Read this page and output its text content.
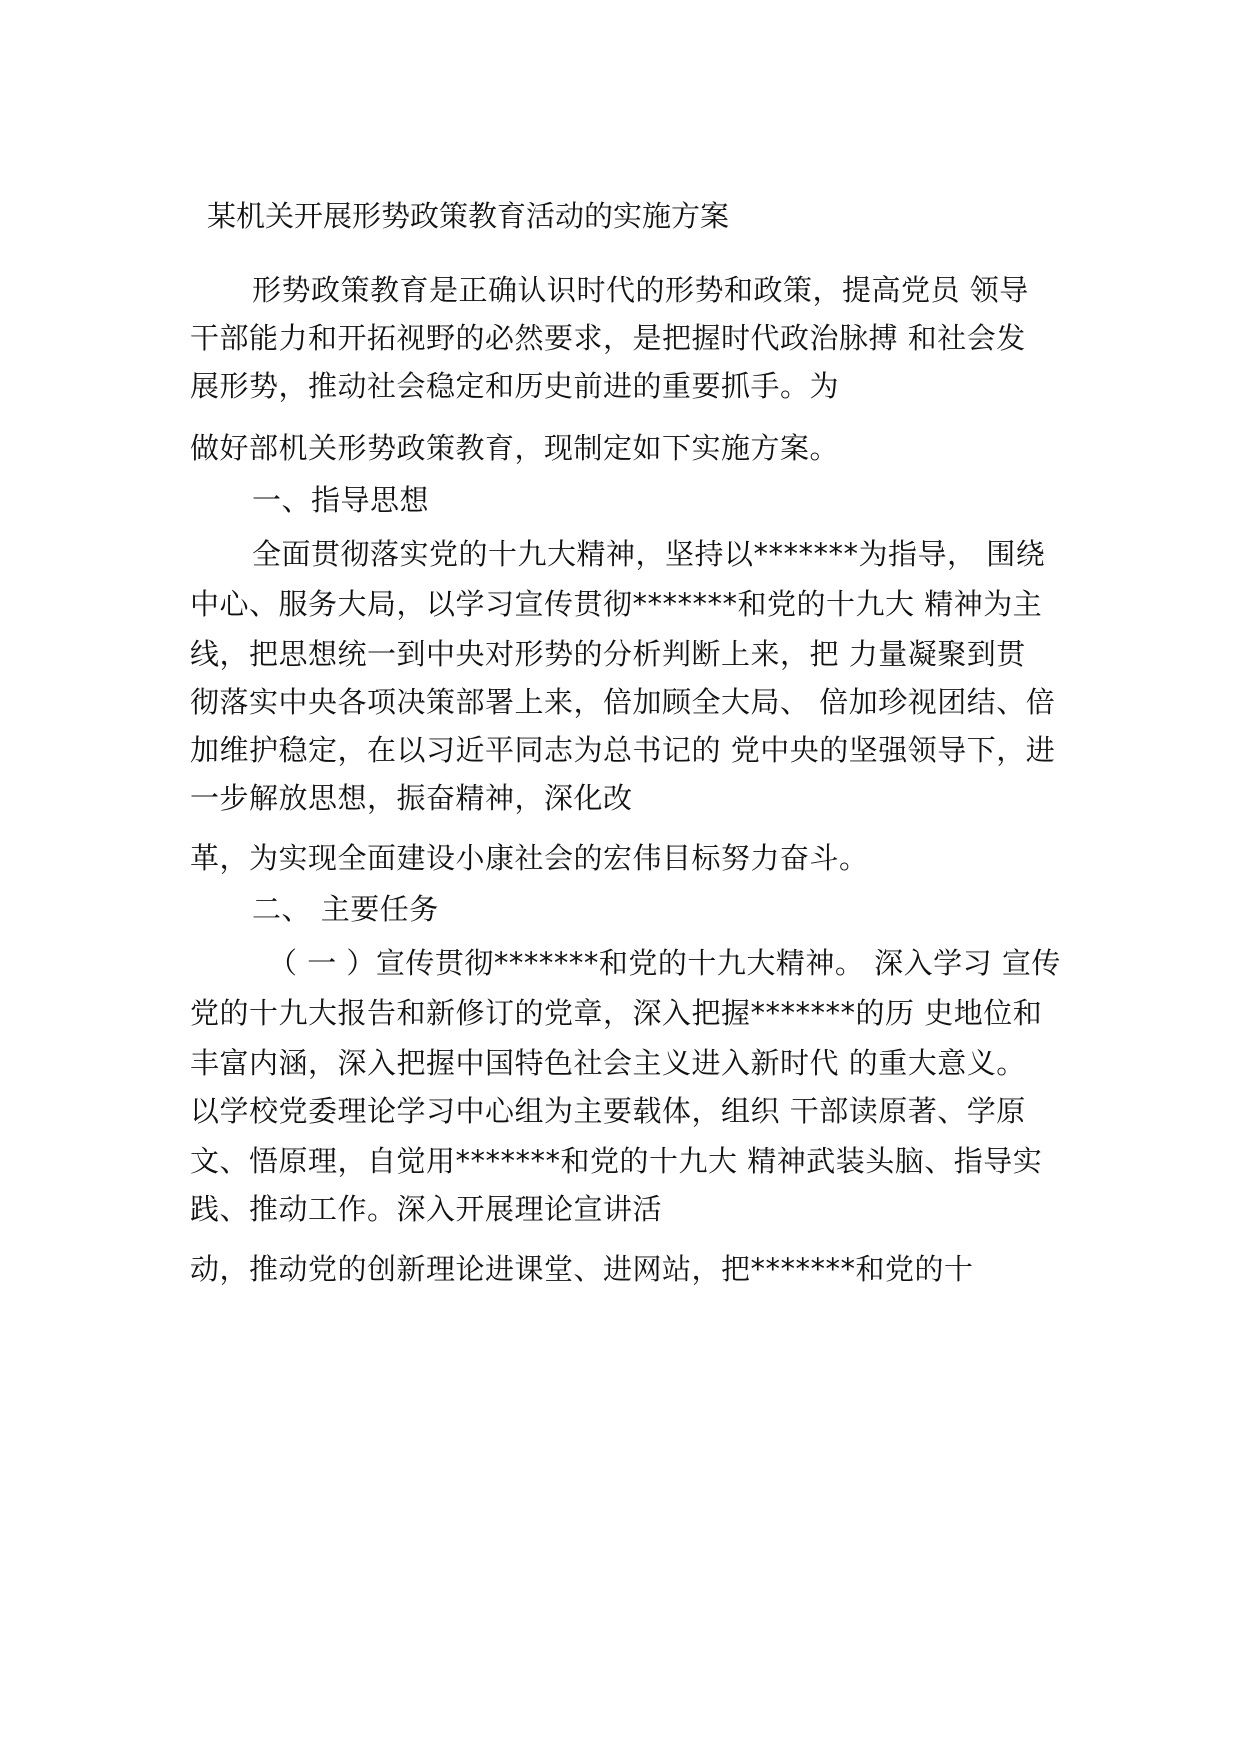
某机关开展形势政策教育活动的实施方案
形势政策教育是正确认识时代的形势和政策，提高党员 领导
干部能力和开拓视野的必然要求，是把握时代政治脉搏 和社会发
展形势，推动社会稳定和历史前进的重要抓手。为
做好部机关形势政策教育，现制定如下实施方案。
一、指导思想
全面贯彻落实党的十九大精神，坚持以*******为指导， 围绕
中心、服务大局，以学习宣传贯彻*******和党的十九大 精神为主
线，把思想统一到中央对形势的分析判断上来，把 力量凝聚到贯
彻落实中央各项决策部署上来，倍加顾全大局、 倍加珍视团结、倍
加维护稳定，在以习近平同志为总书记的 党中央的坚强领导下，进
一步解放思想，振奋精神，深化改
革，为实现全面建设小康社会的宏伟目标努力奋斗。
二、 主要任务
（ 一 ）宣传贯彻*******和党的十九大精神。 深入学习 宣传
党的十九大报告和新修订的党章，深入把握*******的历 史地位和
丰富内涵，深入把握中国特色社会主义进入新时代 的重大意义。
以学校党委理论学习中心组为主要载体，组织 干部读原著、学原
文、悟原理，自觉用*******和党的十九大 精神武装头脑、指导实
践、推动工作。深入开展理论宣讲活
动，推动党的创新理论进课堂、进网站，把*******和党的十
